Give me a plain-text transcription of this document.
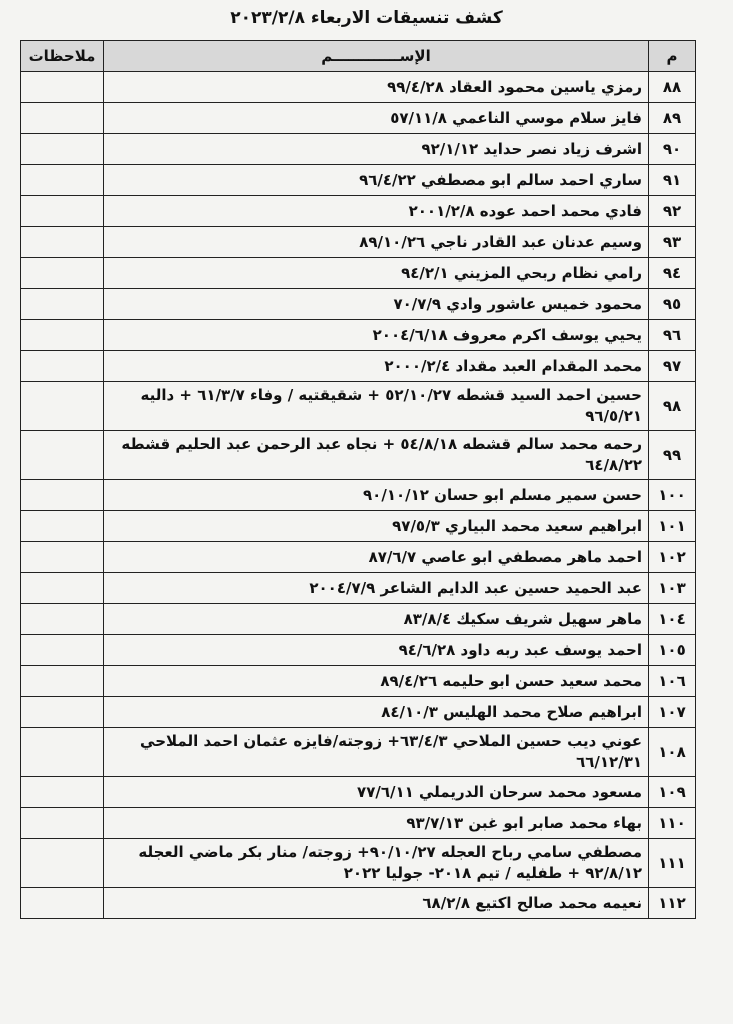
كشف تنسيقات الاربعاء ٢٠٢٣/٢/٨
م	الإســـــــــــــم	ملاحظات
٨٨	رمزي ياسين محمود العقاد ٩٩/٤/٢٨	
٨٩	فايز سلام موسي الناعمي ٥٧/١١/٨	
٩٠	اشرف زياد نصر حدايد ٩٢/١/١٢	
٩١	ساري احمد سالم ابو مصطفي ٩٦/٤/٢٢	
٩٢	فادي محمد احمد عوده ٢٠٠١/٢/٨	
٩٣	وسيم عدنان عبد القادر ناجي ٨٩/١٠/٢٦	
٩٤	رامي نظام ربحي المزيني ٩٤/٢/١	
٩٥	محمود خميس عاشور وادي ٧٠/٧/٩	
٩٦	يحيي يوسف اكرم معروف ٢٠٠٤/٦/١٨	
٩٧	محمد المقدام العبد مقداد ٢٠٠٠/٢/٤	
٩٨	حسين احمد السيد قشطه ٥٢/١٠/٢٧ + شقيقتيه / وفاء ٦١/٣/٧ + داليه ٩٦/٥/٢١	
٩٩	رحمه محمد سالم قشطه ٥٤/٨/١٨ + نجاه عبد الرحمن عبد الحليم قشطه ٦٤/٨/٢٢	
١٠٠	حسن سمير مسلم ابو حسان ٩٠/١٠/١٢	
١٠١	ابراهيم سعيد محمد البياري ٩٧/٥/٣	
١٠٢	احمد ماهر مصطفي ابو عاصي ٨٧/٦/٧	
١٠٣	عبد الحميد حسين عبد الدايم الشاعر ٢٠٠٤/٧/٩	
١٠٤	ماهر سهيل شريف سكيك ٨٣/٨/٤	
١٠٥	احمد يوسف عبد ربه داود ٩٤/٦/٢٨	
١٠٦	محمد سعيد حسن ابو حليمه ٨٩/٤/٢٦	
١٠٧	ابراهيم صلاح محمد الهليس ٨٤/١٠/٣	
١٠٨	عوني ديب حسين الملاحي ٦٣/٤/٣+ زوجته/فايزه عثمان احمد الملاحي ٦٦/١٢/٣١	
١٠٩	مسعود محمد سرحان الدريملي ٧٧/٦/١١	
١١٠	بهاء محمد صابر ابو غبن ٩٣/٧/١٣	
١١١	مصطفي سامي رباح العجله ٩٠/١٠/٢٧+ زوجته/ منار بكر ماضي العجله ٩٢/٨/١٢ + طفليه / تيم ٢٠١٨- جوليا ٢٠٢٢	
١١٢	نعيمه محمد صالح اكتيع ٦٨/٢/٨	
